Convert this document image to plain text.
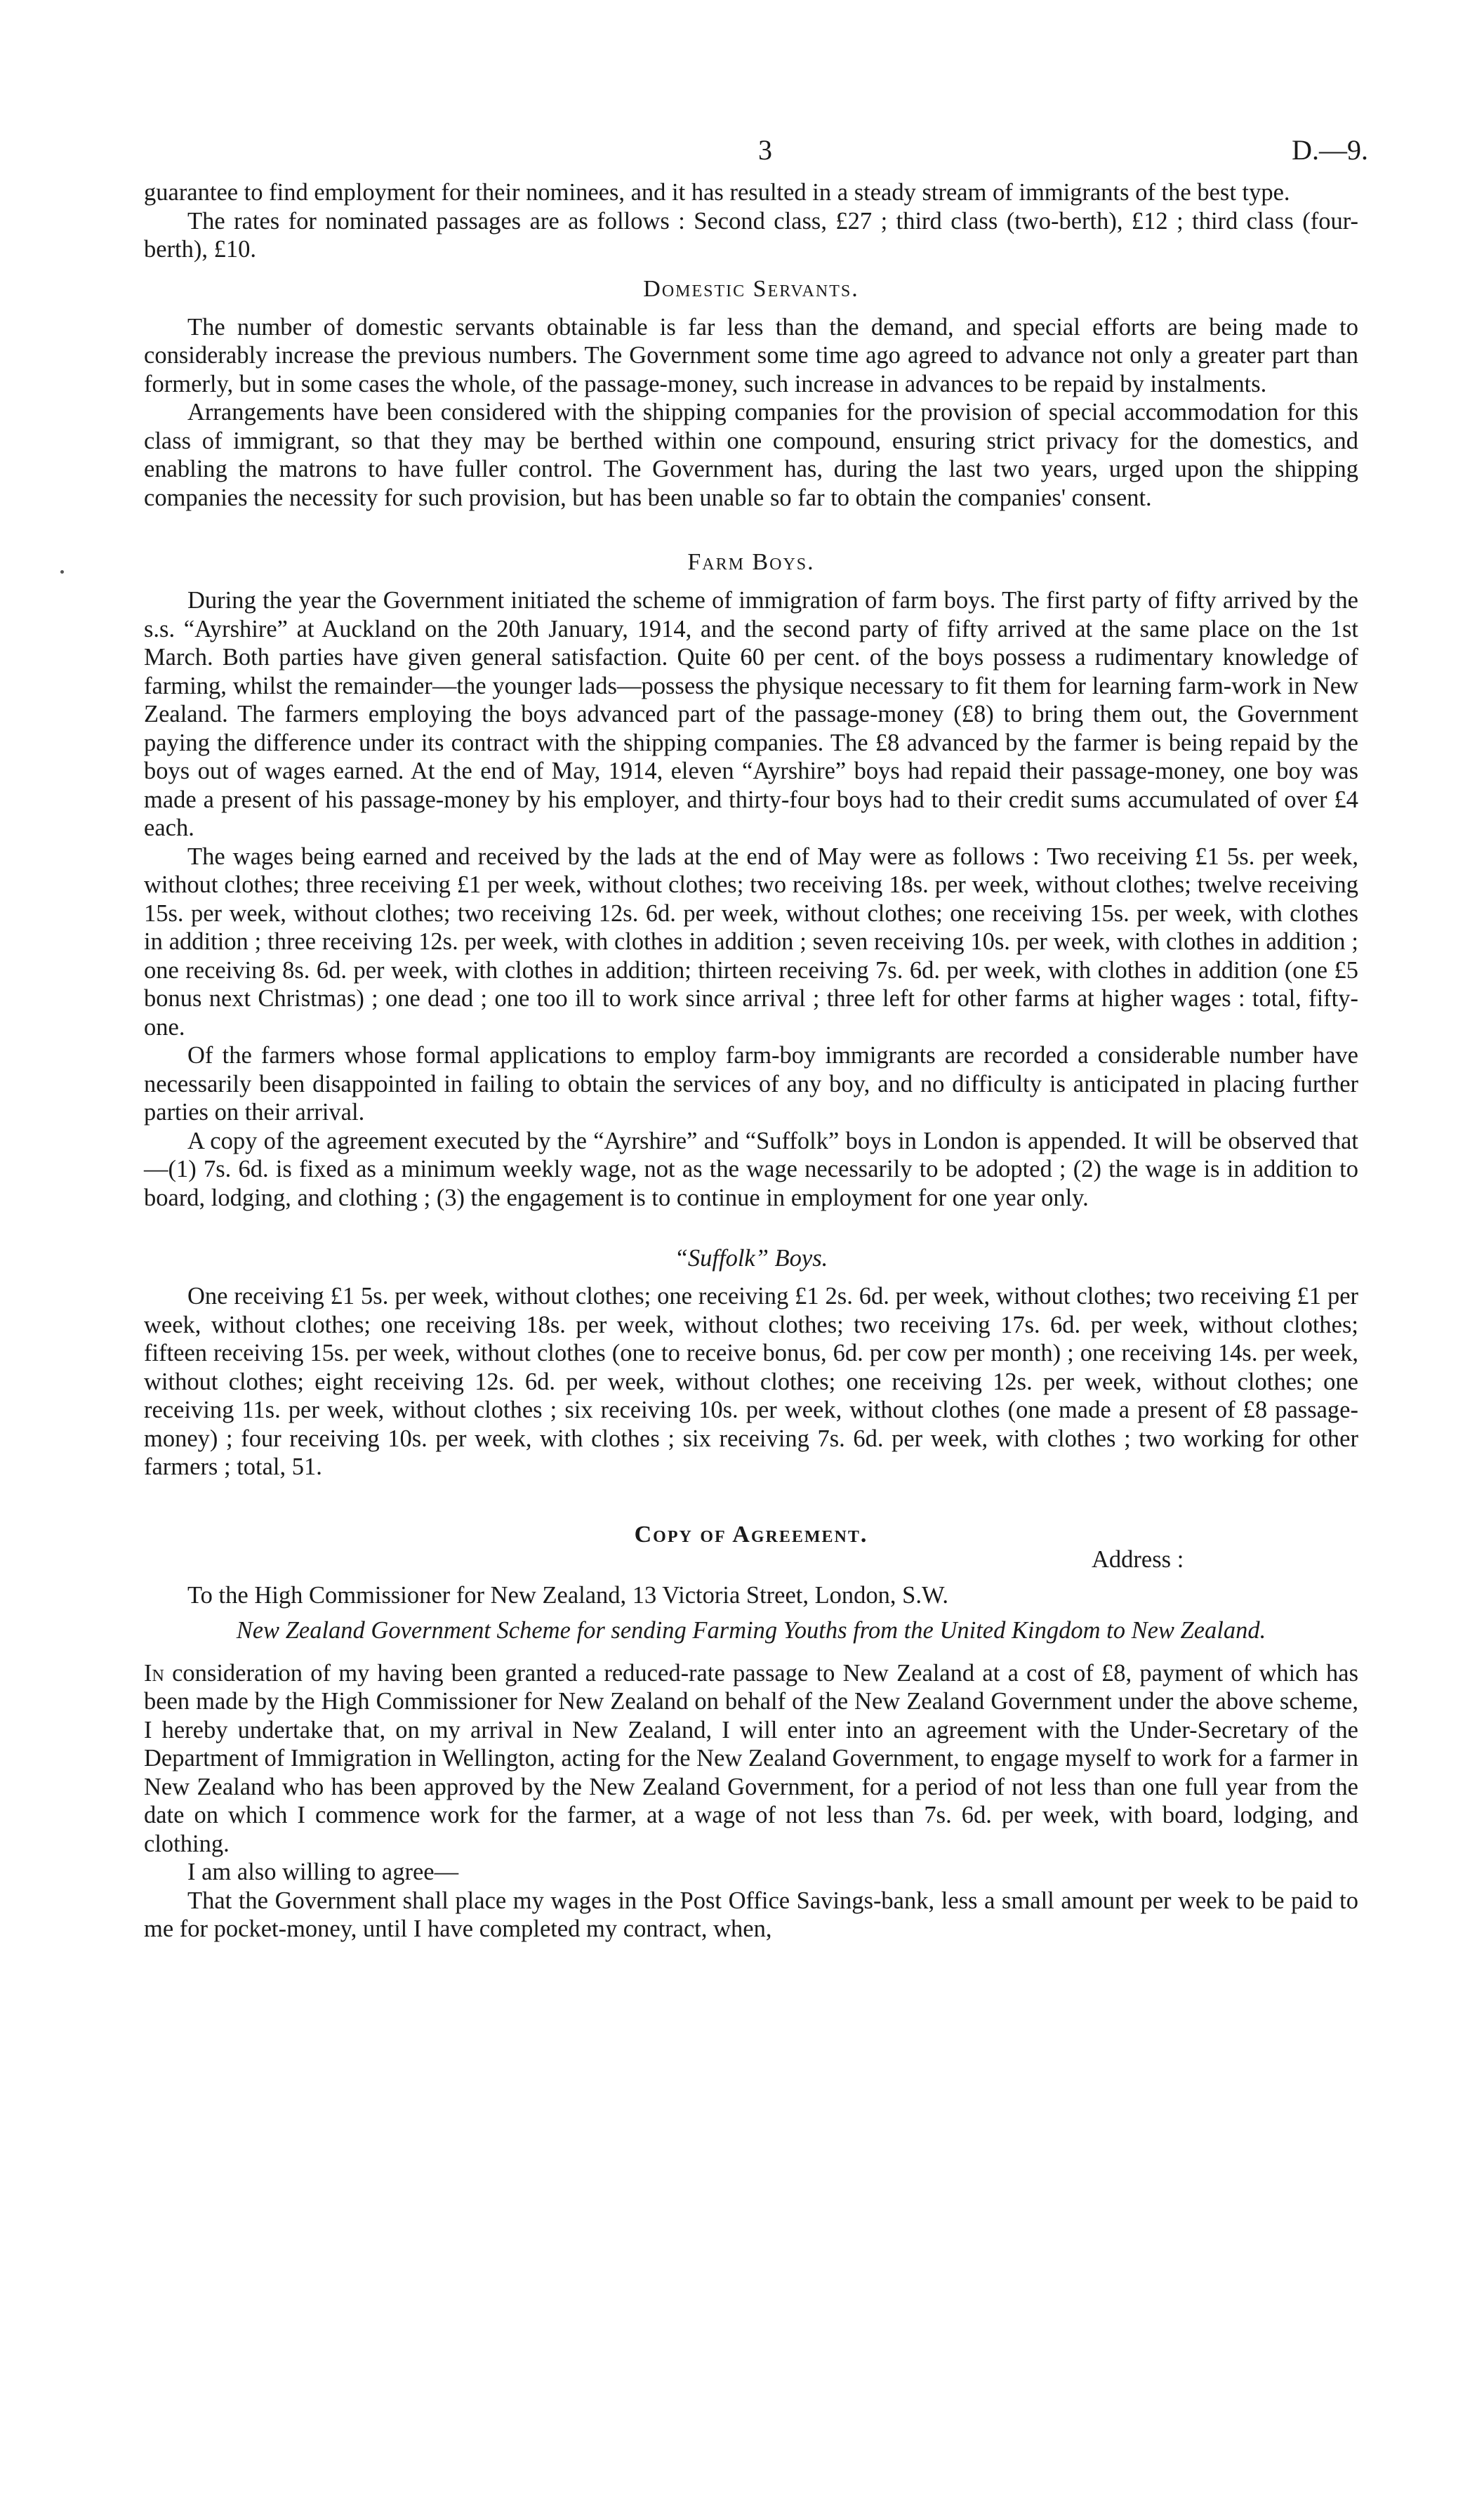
3	D.—9.

guarantee to find employment for their nominees, and it has resulted in a steady stream of immigrants of the best type.

The rates for nominated passages are as follows : Second class, £27 ; third class (two-berth), £12 ; third class (four-berth), £10.

Domestic Servants.

The number of domestic servants obtainable is far less than the demand, and special efforts are being made to considerably increase the previous numbers. The Government some time ago agreed to advance not only a greater part than formerly, but in some cases the whole, of the passage-money, such increase in advances to be repaid by instalments.

Arrangements have been considered with the shipping companies for the provision of special accommodation for this class of immigrant, so that they may be berthed within one compound, ensuring strict privacy for the domestics, and enabling the matrons to have fuller control. The Government has, during the last two years, urged upon the shipping companies the necessity for such provision, but has been unable so far to obtain the companies' consent.

Farm Boys.

During the year the Government initiated the scheme of immigration of farm boys. The first party of fifty arrived by the s.s. “Ayrshire” at Auckland on the 20th January, 1914, and the second party of fifty arrived at the same place on the 1st March. Both parties have given general satisfaction. Quite 60 per cent. of the boys possess a rudimentary knowledge of farming, whilst the remainder—the younger lads—possess the physique necessary to fit them for learning farm-work in New Zealand. The farmers employing the boys advanced part of the passage-money (£8) to bring them out, the Government paying the difference under its contract with the shipping companies. The £8 advanced by the farmer is being repaid by the boys out of wages earned. At the end of May, 1914, eleven “Ayrshire” boys had repaid their passage-money, one boy was made a present of his passage-money by his employer, and thirty-four boys had to their credit sums accumulated of over £4 each.

The wages being earned and received by the lads at the end of May were as follows : Two receiving £1 5s. per week, without clothes; three receiving £1 per week, without clothes; two receiving 18s. per week, without clothes; twelve receiving 15s. per week, without clothes; two receiving 12s. 6d. per week, without clothes; one receiving 15s. per week, with clothes in addition ; three receiving 12s. per week, with clothes in addition ; seven receiving 10s. per week, with clothes in addition ; one receiving 8s. 6d. per week, with clothes in addition; thirteen receiving 7s. 6d. per week, with clothes in addition (one £5 bonus next Christmas) ; one dead ; one too ill to work since arrival ; three left for other farms at higher wages : total, fifty-one.

Of the farmers whose formal applications to employ farm-boy immigrants are recorded a considerable number have necessarily been disappointed in failing to obtain the services of any boy, and no difficulty is anticipated in placing further parties on their arrival.

A copy of the agreement executed by the “Ayrshire” and “Suffolk” boys in London is appended. It will be observed that—(1) 7s. 6d. is fixed as a minimum weekly wage, not as the wage necessarily to be adopted ; (2) the wage is in addition to board, lodging, and clothing ; (3) the engagement is to continue in employment for one year only.

“Suffolk” Boys.

One receiving £1 5s. per week, without clothes; one receiving £1 2s. 6d. per week, without clothes; two receiving £1 per week, without clothes; one receiving 18s. per week, without clothes; two receiving 17s. 6d. per week, without clothes; fifteen receiving 15s. per week, without clothes (one to receive bonus, 6d. per cow per month) ; one receiving 14s. per week, without clothes; eight receiving 12s. 6d. per week, without clothes; one receiving 12s. per week, without clothes; one receiving 11s. per week, without clothes ; six receiving 10s. per week, without clothes (one made a present of £8 passage-money) ; four receiving 10s. per week, with clothes ; six receiving 7s. 6d. per week, with clothes ; two working for other farmers ; total, 51.

Copy of Agreement.
Address :

To the High Commissioner for New Zealand, 13 Victoria Street, London, S.W.

New Zealand Government Scheme for sending Farming Youths from the United Kingdom to New Zealand.

In consideration of my having been granted a reduced-rate passage to New Zealand at a cost of £8, payment of which has been made by the High Commissioner for New Zealand on behalf of the New Zealand Government under the above scheme, I hereby undertake that, on my arrival in New Zealand, I will enter into an agreement with the Under-Secretary of the Department of Immigration in Wellington, acting for the New Zealand Government, to engage myself to work for a farmer in New Zealand who has been approved by the New Zealand Government, for a period of not less than one full year from the date on which I commence work for the farmer, at a wage of not less than 7s. 6d. per week, with board, lodging, and clothing.

I am also willing to agree—

That the Government shall place my wages in the Post Office Savings-bank, less a small amount per week to be paid to me for pocket-money, until I have completed my contract, when,
